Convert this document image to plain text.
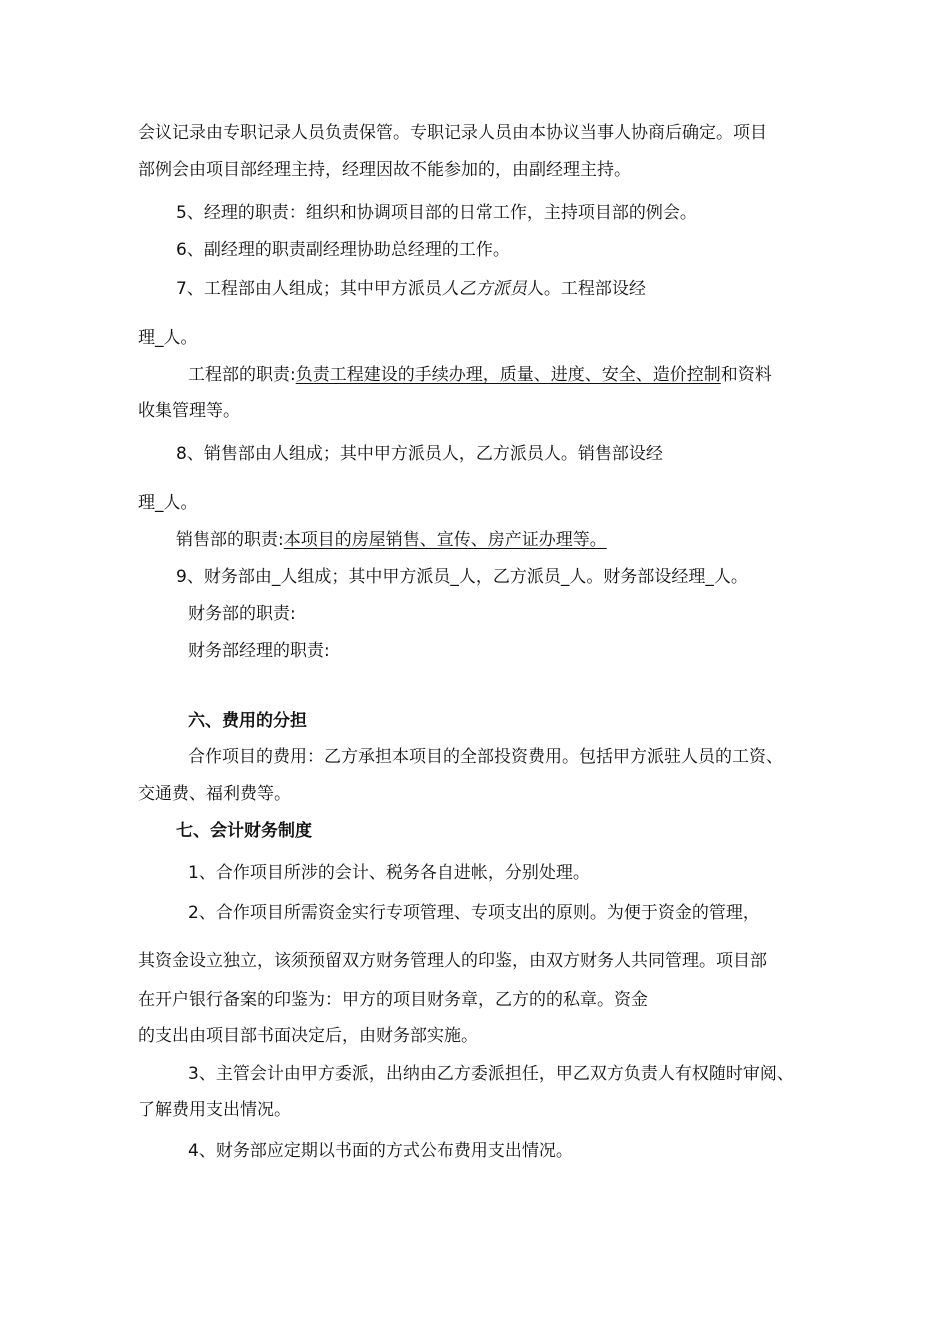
会议记录由专职记录人员负责保管。专职记录人员由本协议当事人协商后确定。项目
部例会由项目部经理主持，经理因故不能参加的，由副经理主持。
5、经理的职责：组织和协调项目部的日常工作，主持项目部的例会。
6、副经理的职责副经理协助总经理的工作。
7、工程部由人组成；其中甲方派员人乙方派员人。工程部设经
理_人。
工程部的职责:负责工程建设的手续办理，质量、进度、安全、造价控制和资料
收集管理等。
8、销售部由人组成；其中甲方派员人，乙方派员人。销售部设经
理_人。
销售部的职责:本项目的房屋销售、宣传、房产证办理等。
9、财务部由_人组成；其中甲方派员_人，乙方派员_人。财务部设经理_人。
财务部的职责:
财务部经理的职责:
六、费用的分担
合作项目的费用：乙方承担本项目的全部投资费用。包括甲方派驻人员的工资、
交通费、福利费等。
七、会计财务制度
1、合作项目所涉的会计、税务各自进帐，分别处理。
2、合作项目所需资金实行专项管理、专项支出的原则。为便于资金的管理，
其资金设立独立，该须预留双方财务管理人的印鉴，由双方财务人共同管理。项目部
在开户银行备案的印鉴为：甲方的项目财务章，乙方的的私章。资金
的支出由项目部书面决定后，由财务部实施。
3、主管会计由甲方委派，出纳由乙方委派担任，甲乙双方负责人有权随时审阅、
了解费用支出情况。
4、财务部应定期以书面的方式公布费用支出情况。
